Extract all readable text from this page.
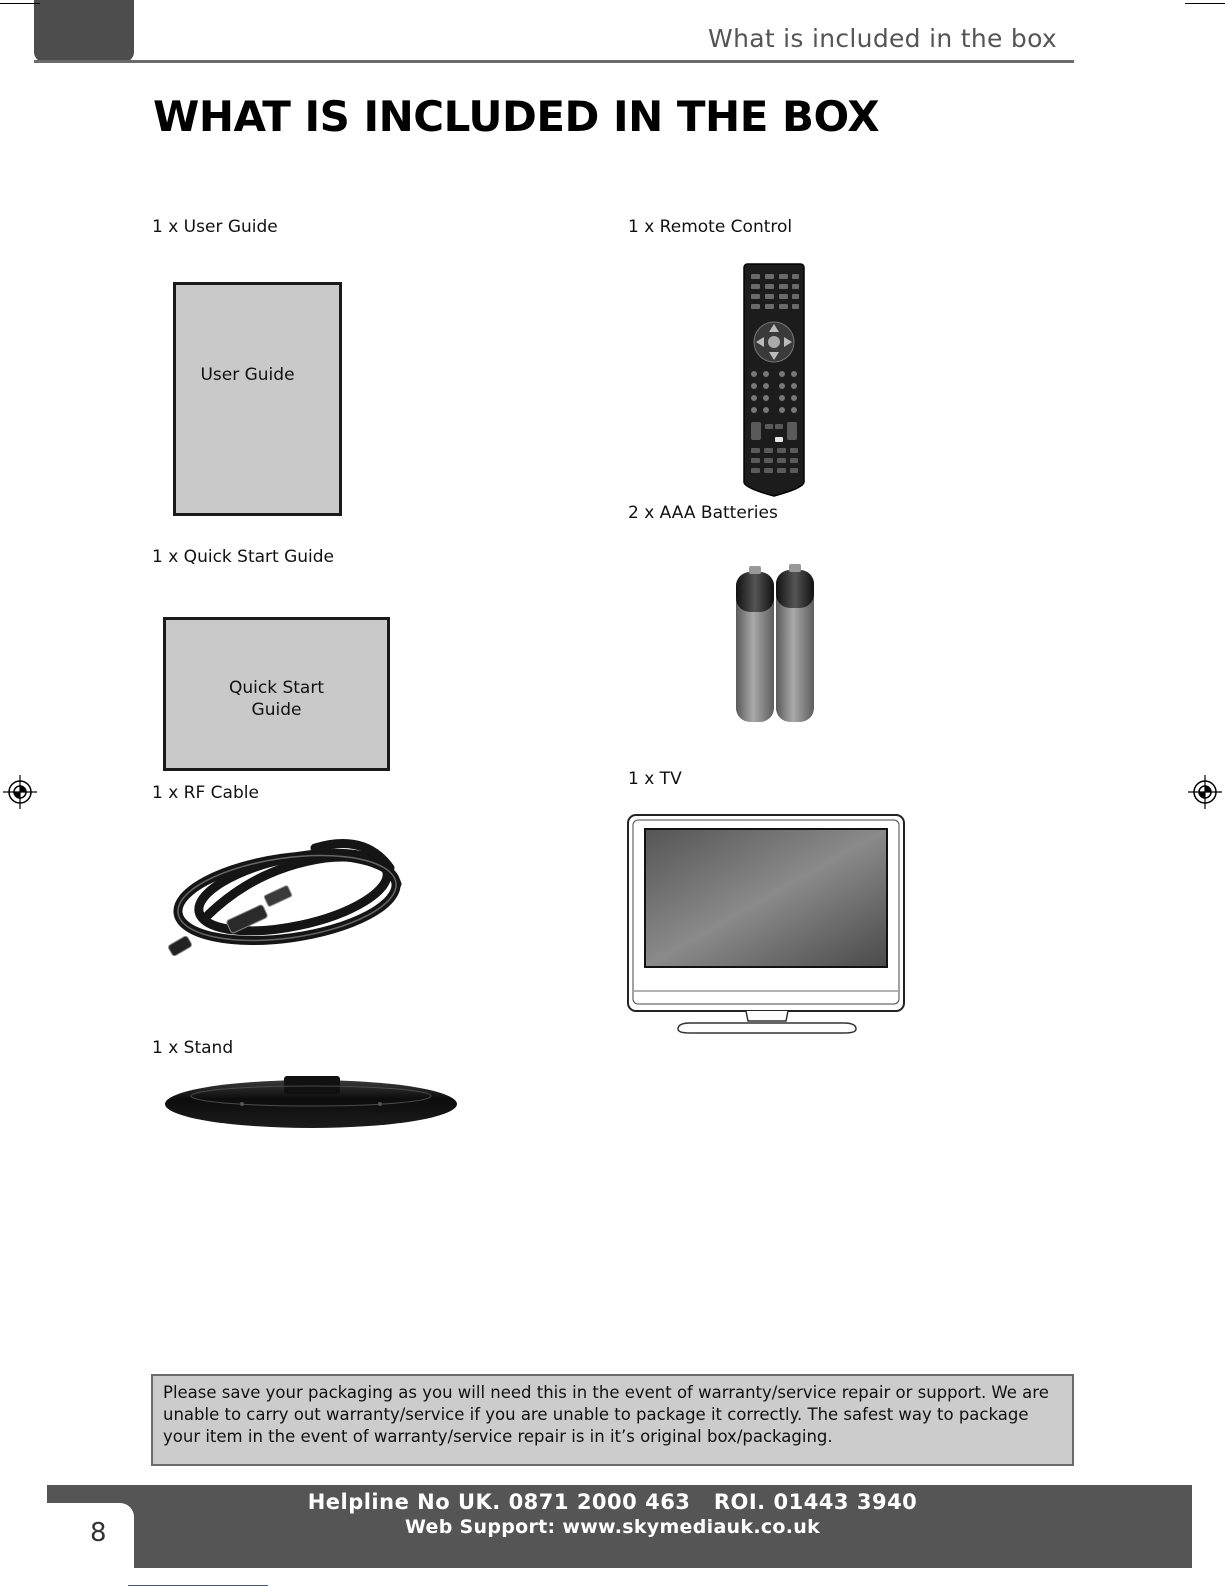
What is included in the box
WHAT IS INCLUDED IN THE BOX
1 x User Guide
User Guide
1 x Remote Control
2 x AAA Batteries
1 x Quick Start Guide
Quick Start
Guide
1 x TV
1 x RF Cable
1 x Stand
Please save your packaging as you will need this in the event of warranty/service repair or support. We are unable to carry out warranty/service if you are unable to package it correctly. The safest way to package your item in the event of warranty/service repair is in it’s original box/packaging.
Helpline No UK. 0871 2000 463   ROI. 01443 3940
Web Support: www.skymediauk.co.uk
8
